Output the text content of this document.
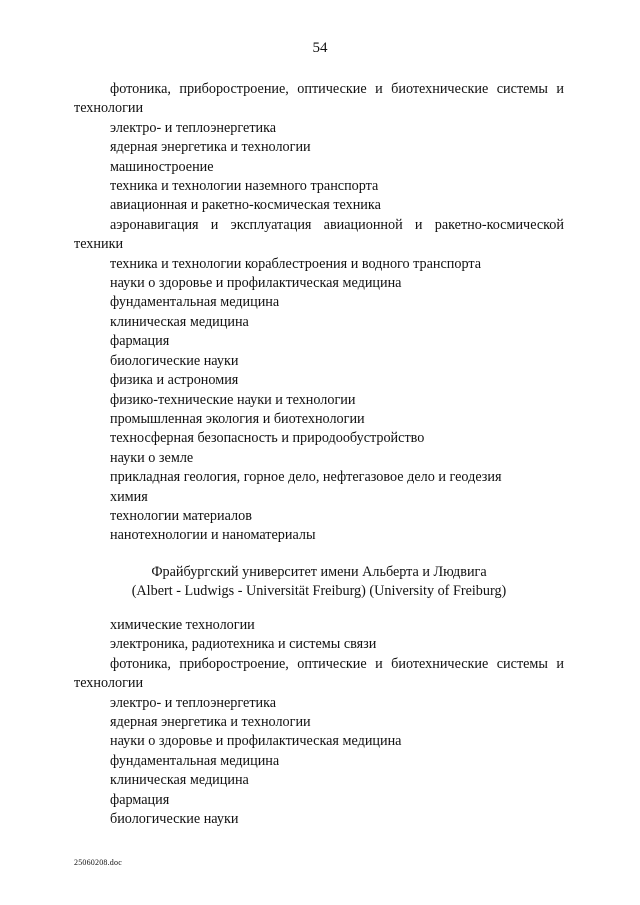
54
фотоника, приборостроение, оптические и биотехнические системы и технологии
электро- и теплоэнергетика
ядерная энергетика и технологии
машиностроение
техника и технологии наземного транспорта
авиационная и ракетно-космическая техника
аэронавигация и эксплуатация авиационной и ракетно-космической техники
техника и технологии кораблестроения и водного транспорта
науки о здоровье и профилактическая медицина
фундаментальная медицина
клиническая медицина
фармация
биологические науки
физика и астрономия
физико-технические науки и технологии
промышленная экология и биотехнологии
техносферная безопасность и природообустройство
науки о земле
прикладная геология, горное дело, нефтегазовое дело и геодезия
химия
технологии материалов
нанотехнологии и наноматериалы
Фрайбургский университет имени Альберта и Людвига
(Albert - Ludwigs - Universität Freiburg) (University of Freiburg)
химические технологии
электроника, радиотехника и системы связи
фотоника, приборостроение, оптические и биотехнические системы и технологии
электро- и теплоэнергетика
ядерная энергетика и технологии
науки о здоровье и профилактическая медицина
фундаментальная медицина
клиническая медицина
фармация
биологические науки
25060208.doc
